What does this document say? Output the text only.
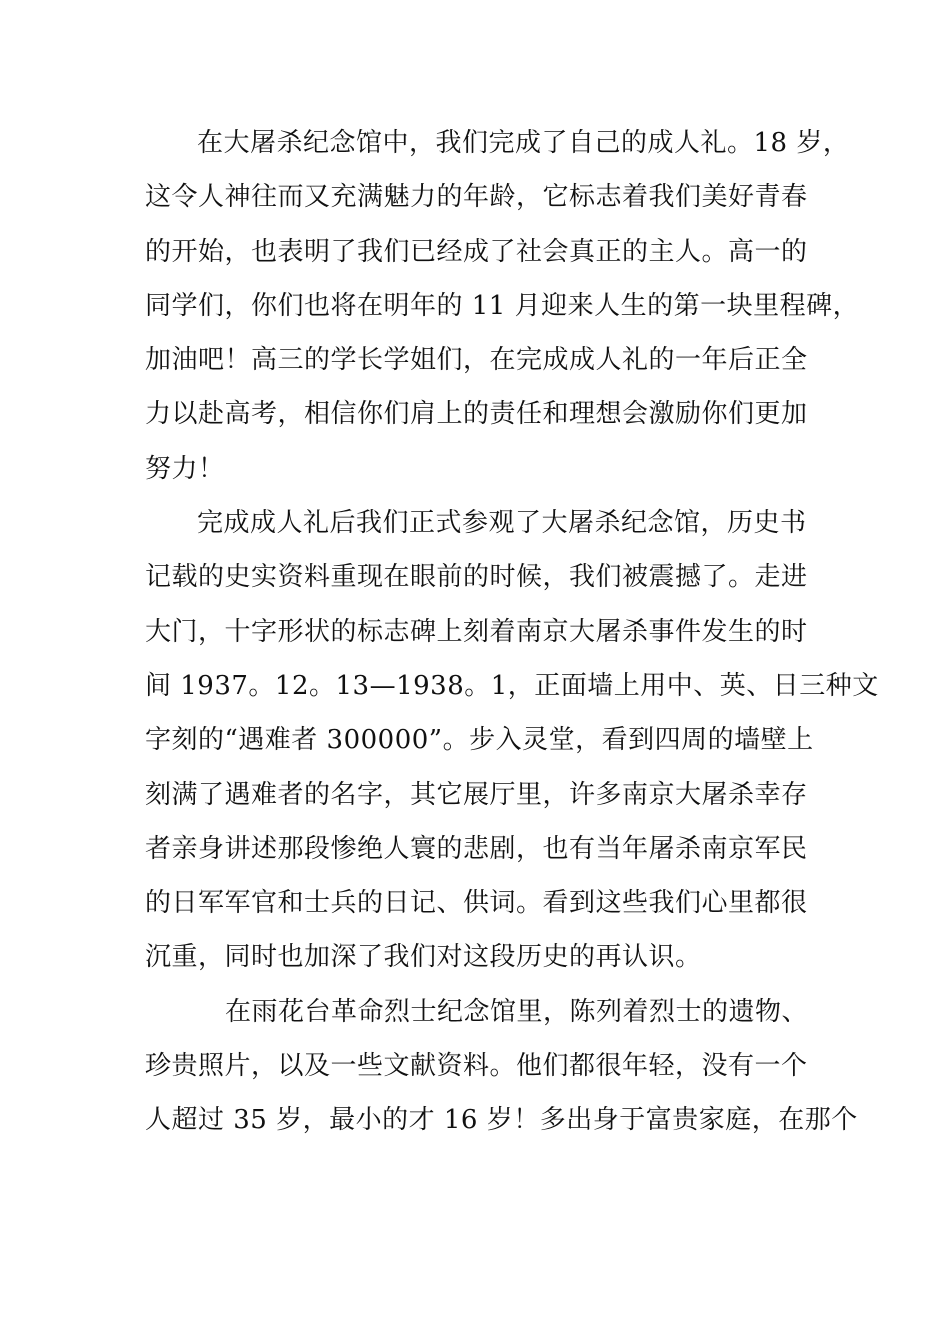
在大屠杀纪念馆中，我们完成了自己的成人礼。18 岁，
这令人神往而又充满魅力的年龄，它标志着我们美好青春
的开始，也表明了我们已经成了社会真正的主人。高一的
同学们，你们也将在明年的 11 月迎来人生的第一块里程碑，
加油吧！高三的学长学姐们，在完成成人礼的一年后正全
力以赴高考，相信你们肩上的责任和理想会激励你们更加
努力！
完成成人礼后我们正式参观了大屠杀纪念馆，历史书
记载的史实资料重现在眼前的时候，我们被震撼了。走进
大门，十字形状的标志碑上刻着南京大屠杀事件发生的时
间 1937。12。13—1938。1，正面墙上用中、英、日三种文
字刻的“遇难者 300000”。步入灵堂，看到四周的墙壁上
刻满了遇难者的名字，其它展厅里，许多南京大屠杀幸存
者亲身讲述那段惨绝人寰的悲剧，也有当年屠杀南京军民
的日军军官和士兵的日记、供词。看到这些我们心里都很
沉重，同时也加深了我们对这段历史的再认识。
在雨花台革命烈士纪念馆里，陈列着烈士的遗物、
珍贵照片，以及一些文献资料。他们都很年轻，没有一个
人超过 35 岁，最小的才 16 岁！多出身于富贵家庭，在那个
